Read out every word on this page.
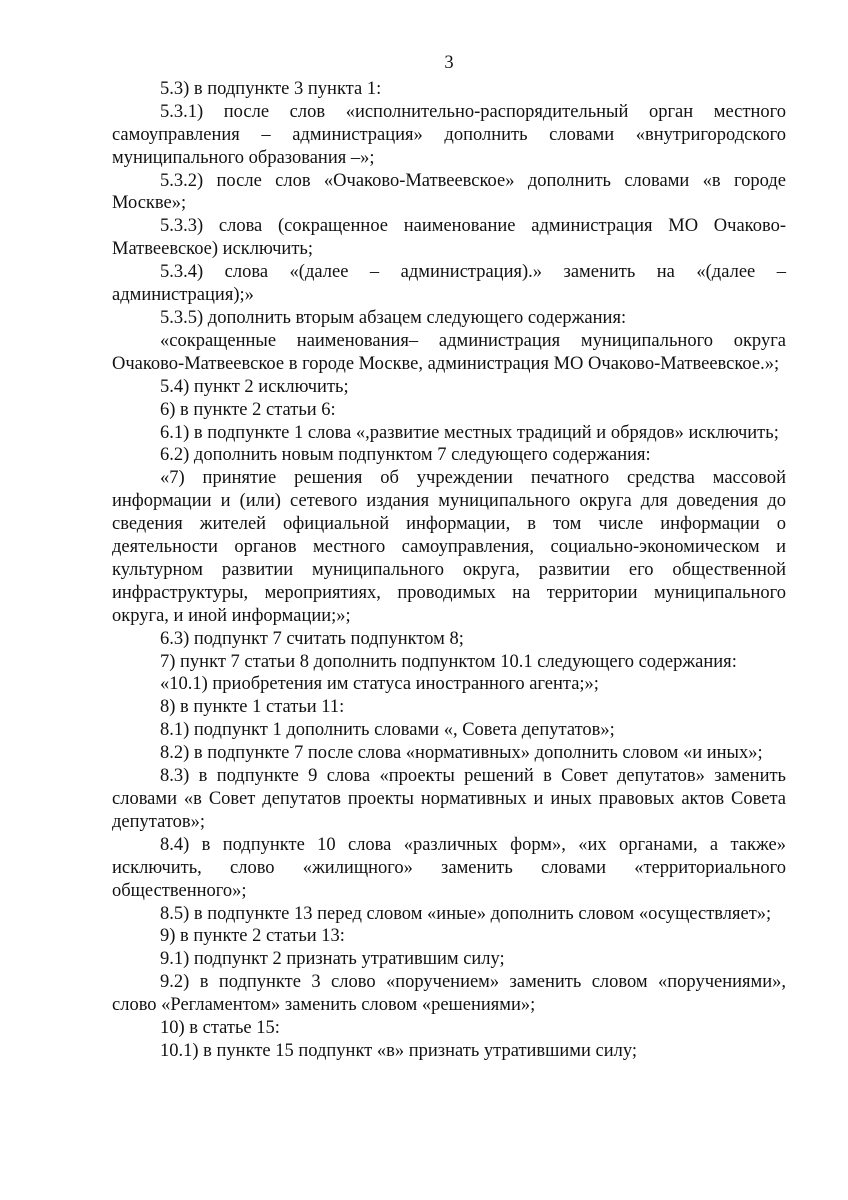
3

5.3) в подпункте 3 пункта 1:

5.3.1) после слов «исполнительно-распорядительный орган местного самоуправления – администрация» дополнить словами «внутригородского муниципального образования –»;

5.3.2) после слов «Очаково-Матвеевское» дополнить словами «в городе Москве»;

5.3.3) слова (сокращенное наименование администрация МО Очаково-Матвеевское) исключить;

5.3.4) слова «(далее – администрация).» заменить на «(далее – администрация);»

5.3.5) дополнить вторым абзацем следующего содержания:

«сокращенные наименования– администрация муниципального округа Очаково-Матвеевское в городе Москве, администрация МО Очаково-Матвеевское.»;

5.4) пункт 2 исключить;

6) в пункте 2 статьи 6:

6.1) в подпункте 1 слова «,развитие местных традиций и обрядов» исключить;

6.2) дополнить новым подпунктом 7 следующего содержания:

«7) принятие решения об учреждении печатного средства массовой информации и (или) сетевого издания муниципального округа для доведения до сведения жителей официальной информации, в том числе информации о деятельности органов местного самоуправления, социально-экономическом и культурном развитии муниципального округа, развитии его общественной инфраструктуры, мероприятиях, проводимых на территории муниципального округа, и иной информации;»;

6.3) подпункт 7 считать подпунктом 8;

7) пункт 7 статьи 8 дополнить подпунктом 10.1 следующего содержания:

«10.1) приобретения им статуса иностранного агента;»;

8) в пункте 1 статьи 11:

8.1) подпункт 1 дополнить словами «, Совета депутатов»;

8.2) в подпункте 7 после слова «нормативных» дополнить словом «и иных»;

8.3) в подпункте 9 слова «проекты решений в Совет депутатов» заменить словами «в Совет депутатов проекты нормативных и иных правовых актов Совета депутатов»;

8.4) в подпункте 10 слова «различных форм», «их органами, а также» исключить, слово «жилищного» заменить словами «территориального общественного»;

8.5) в подпункте 13 перед словом «иные» дополнить словом «осуществляет»;

9) в пункте 2 статьи 13:

9.1) подпункт 2 признать утратившим силу;

9.2) в подпункте 3 слово «поручением» заменить словом «поручениями», слово «Регламентом» заменить словом «решениями»;

10) в статье 15:

10.1) в пункте 15 подпункт «в» признать утратившими силу;
